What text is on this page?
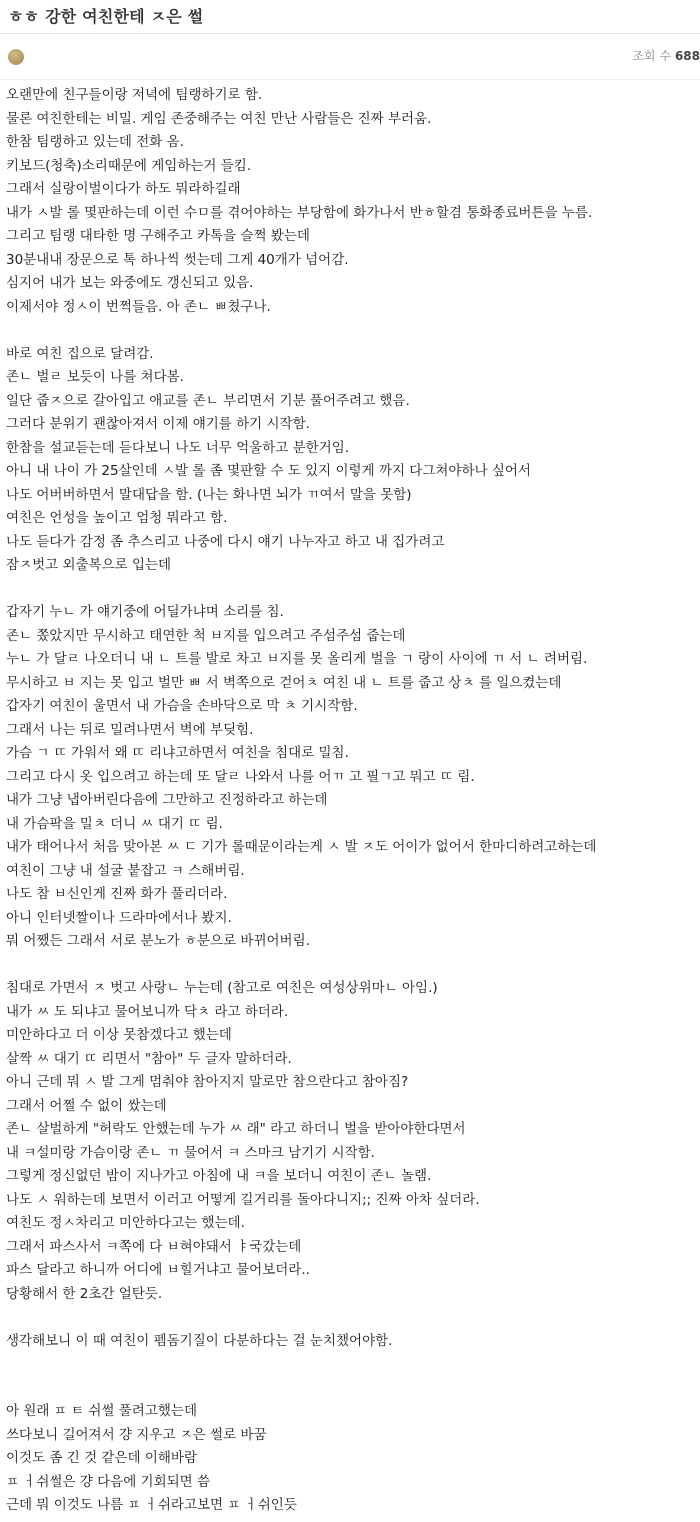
ㅎㅎ 강한 여친한테 ㅈ은 썰
조회 수 688
오랜만에 친구들이랑 저녁에 팀랭하기로 함.
물론 여친한테는 비밀. 게임 존중해주는 여친 만난 사람들은 진짜 부러움.
한참 팀랭하고 있는데 전화 옴.
키보드(청축)소리때문에 게임하는거 들킴.
그래서 실랑이벌이다가 하도 뭐라하길래
내가 ㅅ발 롤 몇판하는데 이런 수ㅁ를 겪어야하는 부당함에 화가나서 반ㅎ할겸 통화종료버튼을 누름.
그리고 팀랭 대타한 명 구해주고 카톡을 슬쩍 봤는데
30분내내 장문으로 톡 하나씩 썻는데 그게 40개가 넘어감.
심지어 내가 보는 와중에도 갱신되고 있음.
이제서야 정ㅅ이 번쩍들음. 아 존ㄴ ㅃ쳤구나.
바로 여친 집으로 달려감.
존ㄴ 벌ㄹ 보듯이 나를 쳐다봄.
일단 줍ㅈ으로 갈아입고 애교를 존ㄴ 부리면서 기분 풀어주려고 했음.
그러다 분위기 괜찮아져서 이제 얘기를 하기 시작함.
한참을 설교듣는데 듣다보니 나도 너무 억울하고 분한거임.
아니 내 나이 가 25살인데 ㅅ발 롤 좀 몇판할 수 도 있지 이렇게 까지 다그쳐야하나 싶어서
나도 어버버하면서 말대답을 함. (나는 화나면 뇌가 ㄲ여서 말을 못함)
여친은 언성을 높이고 엄청 뭐라고 함.
나도 듣다가 감정 좀 추스리고 나중에 다시 얘기 나누자고 하고 내 집가려고
잠ㅈ벗고 외출복으로 입는데
갑자기 누ㄴ 가 얘기중에 어딜가냐며 소리를 침.
존ㄴ 쫐았지만 무시하고 태연한 척 ㅂ지를 입으려고 주섬주섬 줍는데
누ㄴ 가 달ㄹ 나오더니 내 ㄴ 트를 발로 차고 ㅂ지를 못 올리게 벌을 ㄱ 랑이 사이에 ㄲ 서 ㄴ 려버림.
무시하고 ㅂ 지는 못 입고 벌만 ㅃ 서 벽쪽으로 걷어ㅊ 여친 내 ㄴ 트를 줍고 상ㅊ 를 일으켰는데
갑자기 여친이 울면서 내 가슴을 손바닥으로 막 ㅊ 기시작함.
그래서 나는 뒤로 밀려나면서 벽에 부딪힘.
가슴 ㄱ ㄸ 가워서 왜 ㄸ 리냐고하면서 여친을 침대로 밀침.
그리고 다시 옷 입으려고 하는데 또 달ㄹ 나와서 나를 어ㄲ 고 필ㄱ고 뭐고 ㄸ 림.
내가 그냥 냅아버린다음에 그만하고 진정하라고 하는데
내 가슴팍을 밀ㅊ 더니 ㅆ 대기 ㄸ 림.
내가 태어나서 처음 맞아본 ㅆ ㄷ 기가 롤때문이라는게 ㅅ 발 ㅈ도 어이가 없어서 한마디하려고하는데
여친이 그냥 내 설굴 붙잡고 ㅋ 스해버림.
나도 참 ㅂ신인게 진짜 화가 풀리더라.
아니 인터넷짤이나 드라마에서나 봤지.
뭐 어쨌든 그래서 서로 분노가 ㅎ분으로 바뀌어버림.
침대로 가면서 ㅈ 벗고 사랑ㄴ 누는데 (참고로 여친은 여성상위마ㄴ 아임.)
내가 ㅆ 도 되냐고 물어보니까 닥ㅊ 라고 하더라.
미안하다고 더 이상 못참겠다고 했는데
살짝 ㅆ 대기 ㄸ 리면서 "참아" 두 글자 말하더라.
아니 근데 뭐 ㅅ 발 그게 멈춰야 참아지지 말로만 참으란다고 참아짐?
그래서 어쩔 수 없이 쌌는데
존ㄴ 살벌하게 "허락도 안했는데 누가 ㅆ 래" 라고 하더니 벌을 받아야한다면서
내 ㅋ설미랑 가슴이랑 존ㄴ ㄲ 물어서 ㅋ 스마크 남기기 시작함.
그렇게 정신없던 밤이 지나가고 아침에 내 ㅋ을 보더니 여친이 존ㄴ 놀램.
나도 ㅅ 워하는데 보면서 이러고 어떻게 길거리를 돌아다니지;; 진짜 아차 싶더라.
여친도 정ㅅ차리고 미안하다고는 했는데.
그래서 파스사서 ㅋ쪽에 다 ㅂ혀야돼서 ㅑ국갔는데
파스 달라고 하니까 어디에 ㅂ힐거냐고 물어보더라..
당황해서 한 2초간 얼탄듯.
생각해보니 이 때 여친이 펨돔기질이 다분하다는 걸 눈치챘어야함.
아 원래 ㅍ ㅌ 쉬썰 풀려고했는데
쓰다보니 길어져서 걍 지우고 ㅈ은 썰로 바꿈
이것도 좀 긴 것 같은데 이해바람
ㅍ ㅓ쉬썰은 걍 다음에 기회되면 씀
근데 뭐 이것도 나름 ㅍ ㅓ쉬라고보면 ㅍ ㅓ쉬인듯
